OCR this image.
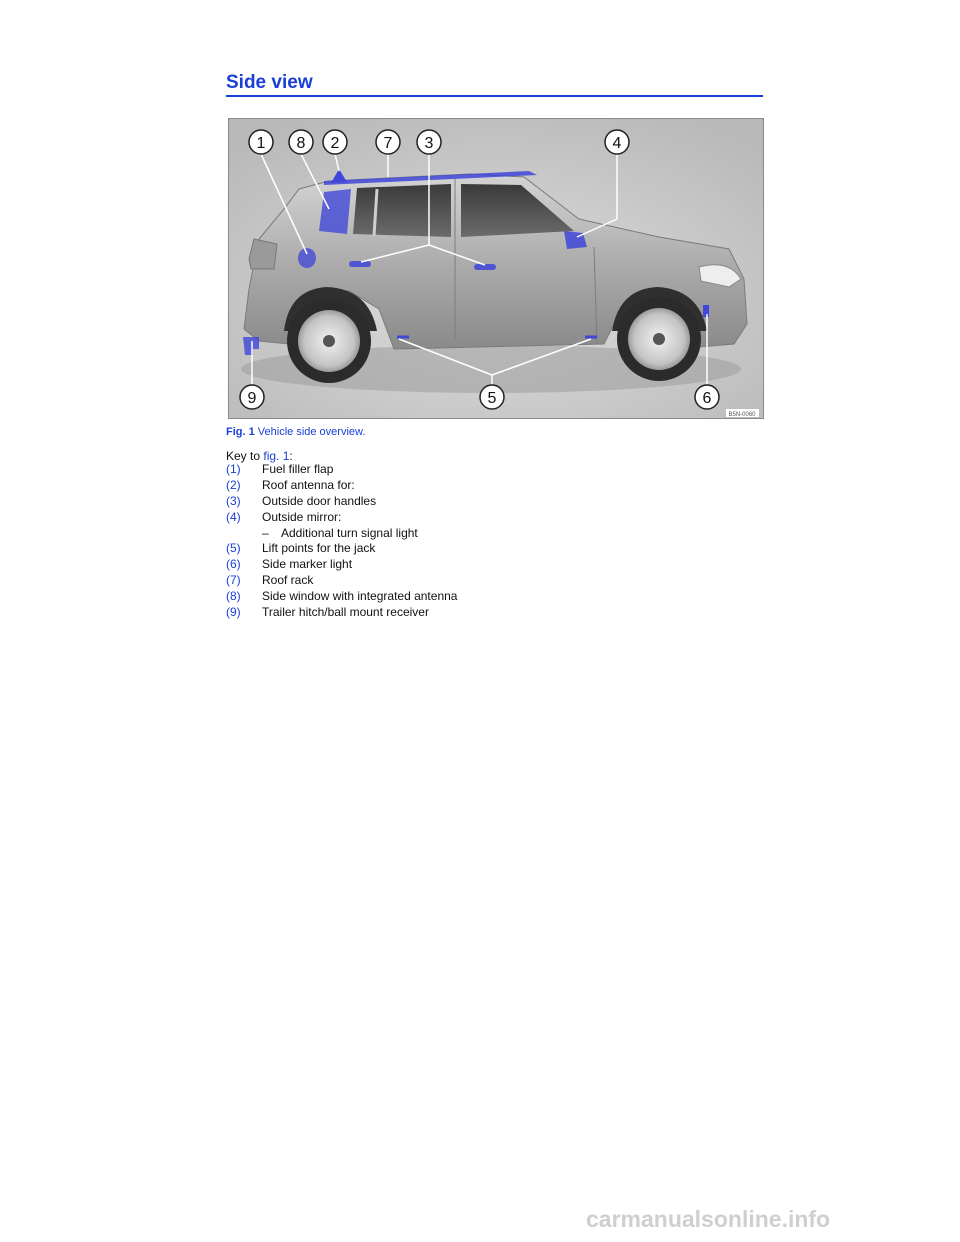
Side view
1 8 2	7 3	4
9	5	6
B5N-0060
Fig. 1 Vehicle side overview.
Key to fig. 1:
(1) Fuel filler flap
(2) Roof antenna for:
(3) Outside door handles
(4) Outside mirror:
– Additional turn signal light
(5) Lift points for the jack
(6) Side marker light
(7) Roof rack
(8) Side window with integrated antenna
(9) Trailer hitch/ball mount receiver
carmanualsonline.info
